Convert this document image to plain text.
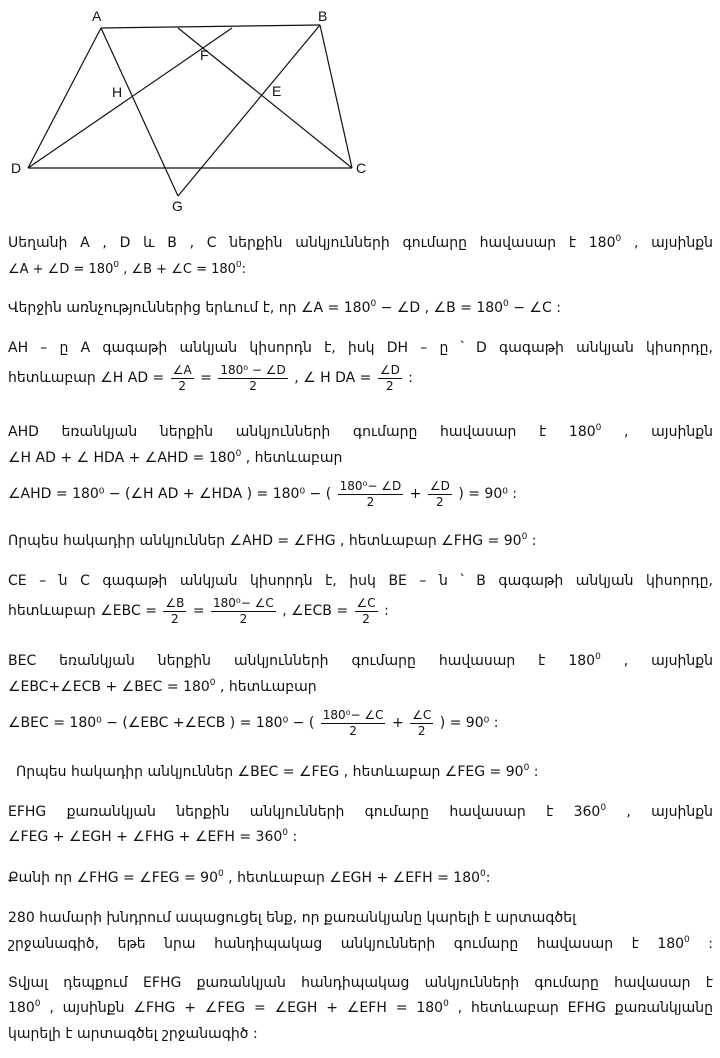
A	B
C
D
E
F
G
H
Սեղանի A , D և B , C ներքին անկյունների գումարը հավասար է $180^0$ , այսինքն
∠A + ∠D = $180^0$ , ∠B + ∠C = $180^0$:
Վերջին առնչություններից երևում է, որ ∠A = $180^0$ − ∠D , ∠B = $180^0$ − ∠C :
AH – ը A գագաթի անկյան կիսորդն է, իսկ DH – ը ՝ D գագաթի անկյան կիսորդը,
հետևաբար ∠H AD = $\frac{\angle A}{2} = \frac{\text{180⁰ − ∠D}}{2}$ , ∠ H DA = $\frac{\angle D}{2}$ :
AHD եռանկյան ներքին անկյունների գումարը հավասար է $180^0$ , այսինքն
∠H AD + ∠ HDA + ∠AHD = $180^0$ , հետևաբար
∠AHD = 180⁰ − (∠H AD + ∠HDA ) = 180⁰ − ( $\frac{\text{180⁰− ∠D}}{2} + \frac{\angle D}{2}$ ) = 90⁰ :
Որպես հակադիր անկյուններ ∠AHD = ∠FHG , հետևաբար ∠FHG = $90^0$ :
CE – ն C գագաթի անկյան կիսորդն է, իսկ BE – ն ՝ B գագաթի անկյան կիսորդը,
հետևաբար ∠EBC = $\frac{\angle B}{2} = \frac{\text{180⁰− ∠C}}{2}$ , ∠ECB = $\frac{\angle C}{2}$ :
BEC եռանկյան ներքին անկյունների գումարը հավասար է $180^0$ , այսինքն
∠EBC+∠ECB + ∠BEC = $180^0$ , հետևաբար
∠BEC = 180⁰ − (∠EBC +∠ECB ) = 180⁰ − ( $\frac{\text{180⁰− ∠C}}{2} + \frac{\angle C}{2}$ ) = 90⁰ :
Որպես հակադիր անկյուններ ∠BEC = ∠FEG , հետևաբար ∠FEG = $90^0$ :
EFHG քառանկյան ներքին անկյունների գումարը հավասար է $360^0$ , այսինքն
∠FEG + ∠EGH + ∠FHG + ∠EFH = $360^0$ :
Քանի որ ∠FHG = ∠FEG = $90^0$ , հետևաբար ∠EGH + ∠EFH = $180^0$:
280 համարի խնդրում ապացուցել ենք, որ քառանկյանը կարելի է արտագծել
շրջանագիծ, եթե նրա հանդիպակաց անկյունների գումարը հավասար է $180^0$ :
Տվյալ դեպքում EFHG քառանկյան հանդիպակաց անկյունների գումարը հավասար է
$180^0$ , այսինքն ∠FHG + ∠FEG = ∠EGH + ∠EFH = $180^0$ , հետևաբար EFHG քառանկյանը
կարելի է արտագծել շրջանագիծ :
